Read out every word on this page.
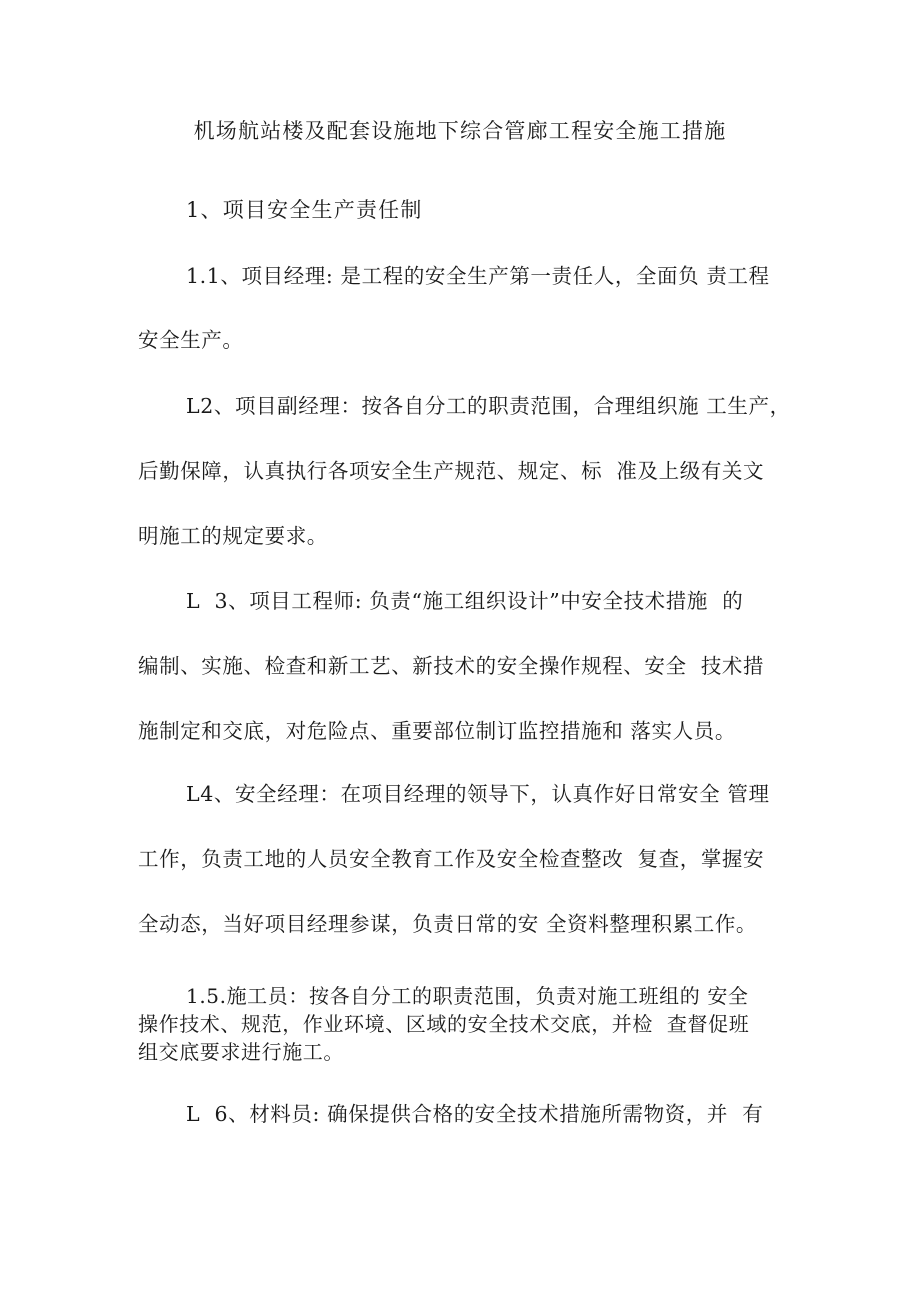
机场航站楼及配套设施地下综合管廊工程安全施工措施
1、项目安全生产责任制
1.1、项目经理: 是工程的安全生产第一责任人，全面负 责工程
安全生产。
L2、项目副经理：按各自分工的职责范围，合理组织施 工生产，
后勤保障，认真执行各项安全生产规范、规定、标  准及上级有关文
明施工的规定要求。
L  3、项目工程师: 负责“施工组织设计”中安全技术措施  的
编制、实施、检查和新工艺、新技术的安全操作规程、安全  技术措
施制定和交底，对危险点、重要部位制订监控措施和 落实人员。
L4、安全经理：在项目经理的领导下，认真作好日常安全 管理
工作，负责工地的人员安全教育工作及安全检查整改  复查，掌握安
全动态，当好项目经理参谋，负责日常的安 全资料整理积累工作。
1.5.施工员：按各自分工的职责范围，负责对施工班组的 安全
操作技术、规范，作业环境、区域的安全技术交底，并检  查督促班
组交底要求进行施工。
L  6、材料员: 确保提供合格的安全技术措施所需物资，并  有
